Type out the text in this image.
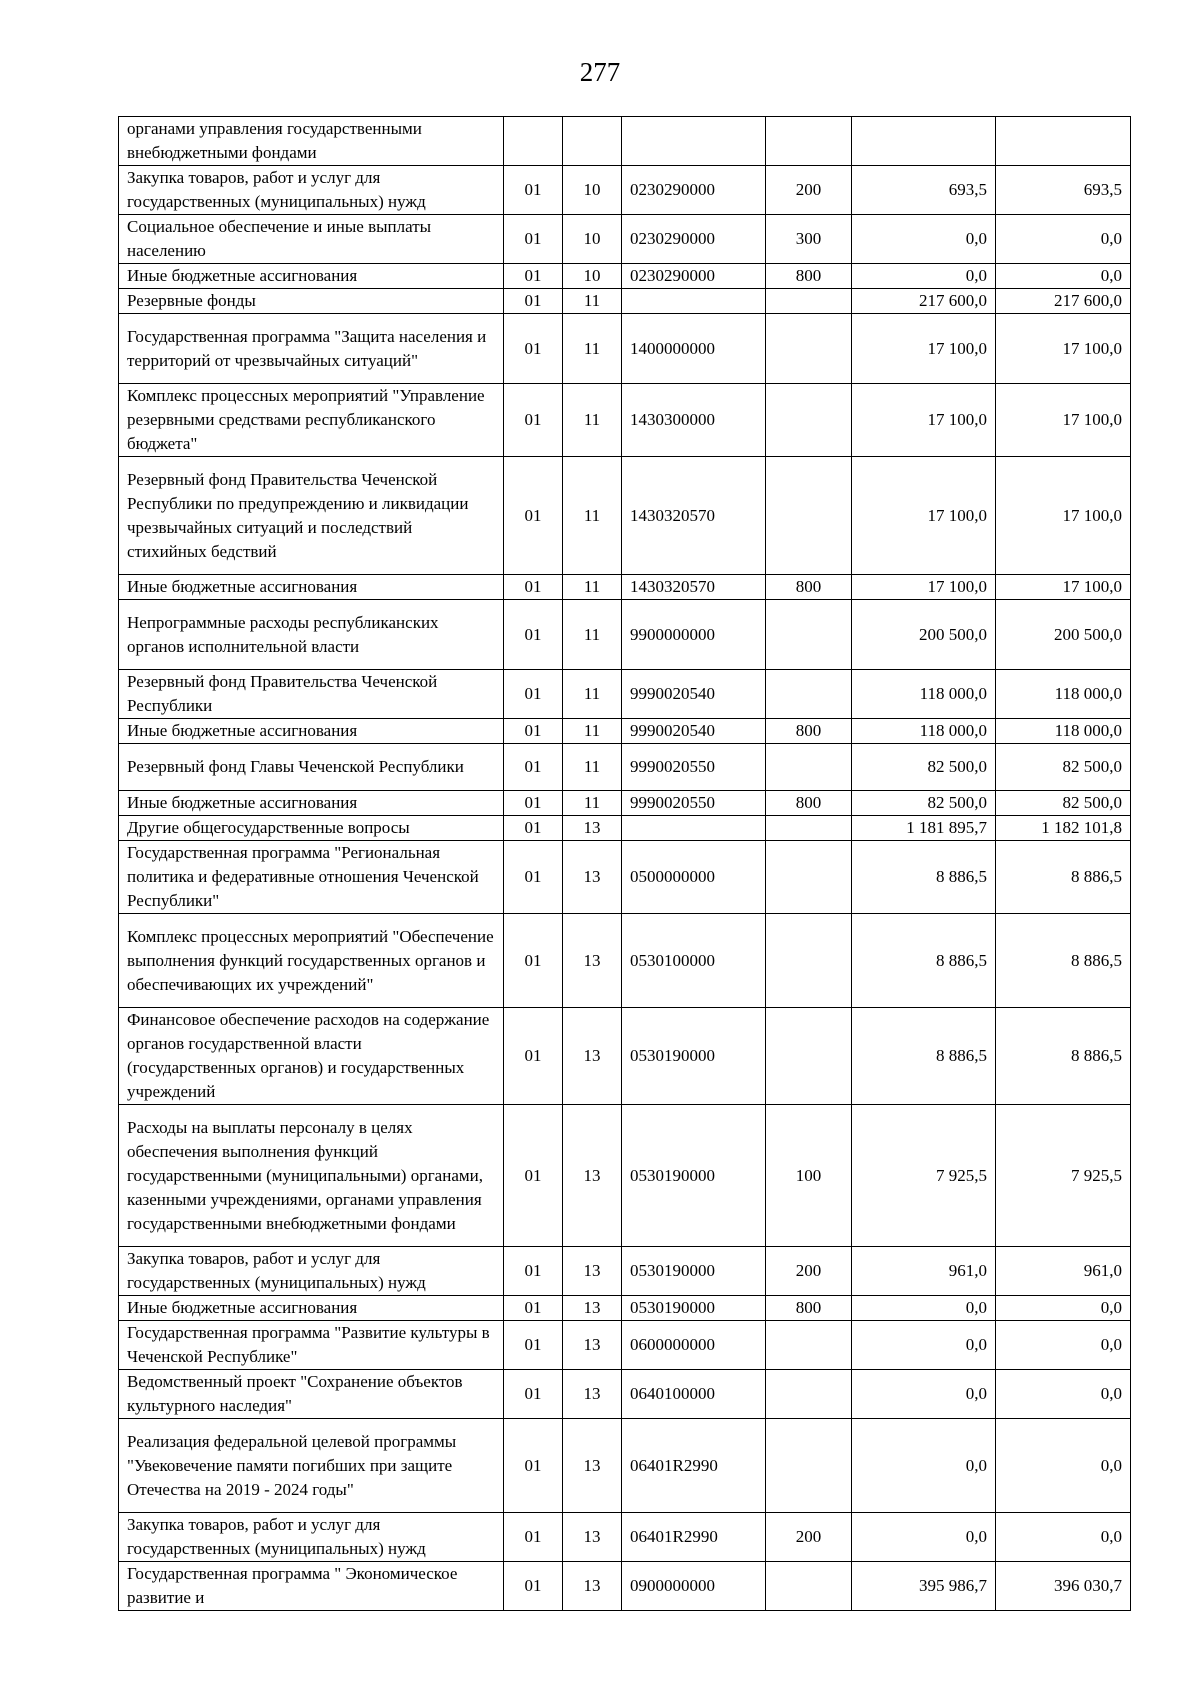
277
органами управления государственными внебюджетными фондами						
Закупка товаров, работ и услуг для государственных (муниципальных) нужд	01	10	0230290000	200	693,5	693,5
Социальное обеспечение и иные выплаты населению	01	10	0230290000	300	0,0	0,0
Иные бюджетные ассигнования	01	10	0230290000	800	0,0	0,0
Резервные фонды	01	11			217 600,0	217 600,0
Государственная программа "Защита населения и территорий от чрезвычайных ситуаций"	01	11	1400000000		17 100,0	17 100,0
Комплекс процессных мероприятий "Управление резервными средствами республиканского бюджета"	01	11	1430300000		17 100,0	17 100,0
Резервный фонд Правительства Чеченской Республики по предупреждению и ликвидации чрезвычайных ситуаций и последствий стихийных бедствий	01	11	1430320570		17 100,0	17 100,0
Иные бюджетные ассигнования	01	11	1430320570	800	17 100,0	17 100,0
Непрограммные расходы республиканских органов исполнительной власти	01	11	9900000000		200 500,0	200 500,0
Резервный фонд Правительства Чеченской Республики	01	11	9990020540		118 000,0	118 000,0
Иные бюджетные ассигнования	01	11	9990020540	800	118 000,0	118 000,0
Резервный фонд Главы Чеченской Республики	01	11	9990020550		82 500,0	82 500,0
Иные бюджетные ассигнования	01	11	9990020550	800	82 500,0	82 500,0
Другие общегосударственные вопросы	01	13			1 181 895,7	1 182 101,8
Государственная программа "Региональная политика и федеративные отношения Чеченской Республики"	01	13	0500000000		8 886,5	8 886,5
Комплекс процессных мероприятий "Обеспечение выполнения функций государственных органов и обеспечивающих их учреждений"	01	13	0530100000		8 886,5	8 886,5
Финансовое обеспечение расходов на содержание органов государственной власти (государственных органов) и государственных учреждений	01	13	0530190000		8 886,5	8 886,5
Расходы на выплаты персоналу в целях обеспечения выполнения функций государственными (муниципальными) органами, казенными учреждениями, органами управления государственными внебюджетными фондами	01	13	0530190000	100	7 925,5	7 925,5
Закупка товаров, работ и услуг для государственных (муниципальных) нужд	01	13	0530190000	200	961,0	961,0
Иные бюджетные ассигнования	01	13	0530190000	800	0,0	0,0
Государственная программа "Развитие культуры в Чеченской Республике"	01	13	0600000000		0,0	0,0
Ведомственный проект "Сохранение объектов культурного наследия"	01	13	0640100000		0,0	0,0
Реализация федеральной целевой программы "Увековечение памяти погибших при защите Отечества на 2019 - 2024 годы"	01	13	06401R2990		0,0	0,0
Закупка товаров, работ и услуг для государственных (муниципальных) нужд	01	13	06401R2990	200	0,0	0,0
Государственная программа " Экономическое развитие и	01	13	0900000000		395 986,7	396 030,7
